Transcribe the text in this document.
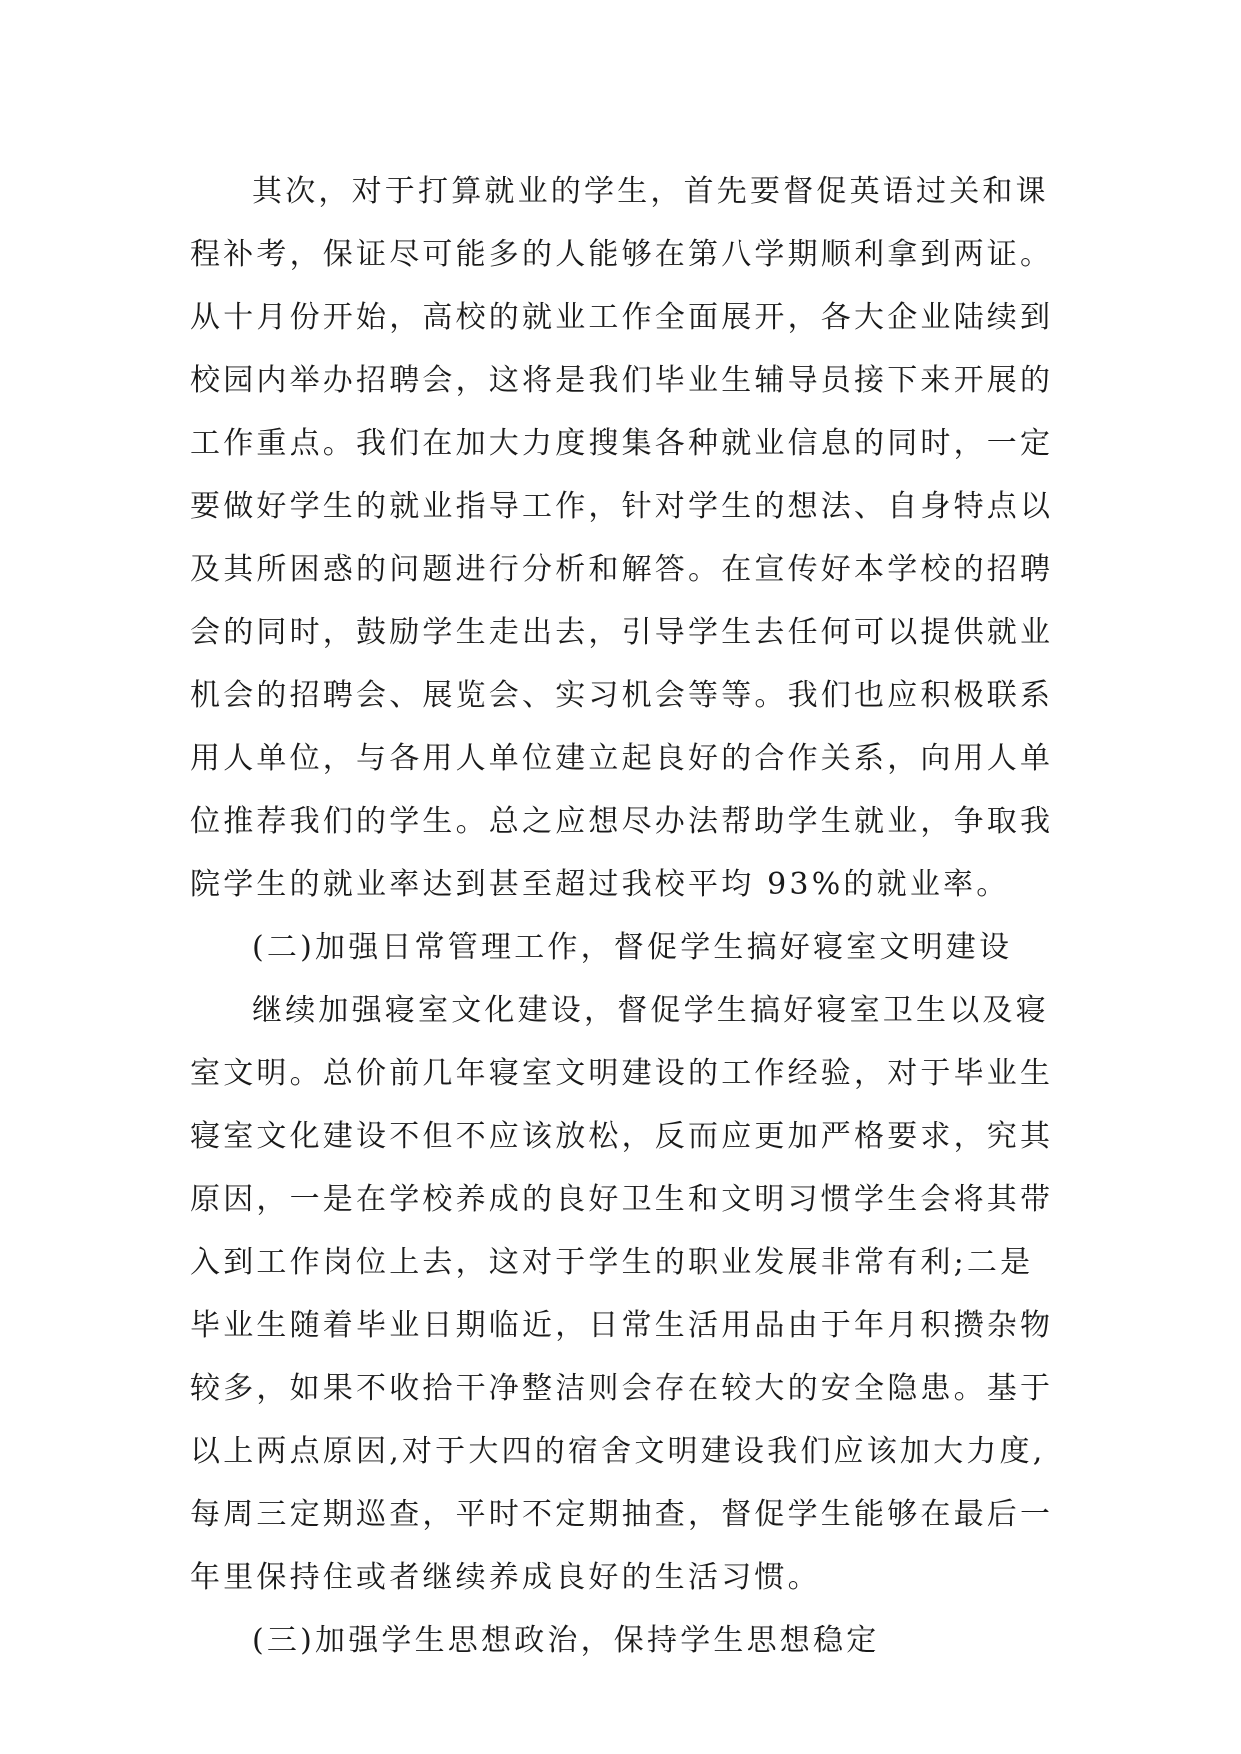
其次，对于打算就业的学生，首先要督促英语过关和课
程补考，保证尽可能多的人能够在第八学期顺利拿到两证。
从十月份开始，高校的就业工作全面展开，各大企业陆续到
校园内举办招聘会，这将是我们毕业生辅导员接下来开展的
工作重点。我们在加大力度搜集各种就业信息的同时，一定
要做好学生的就业指导工作，针对学生的想法、自身特点以
及其所困惑的问题进行分析和解答。在宣传好本学校的招聘
会的同时，鼓励学生走出去，引导学生去任何可以提供就业
机会的招聘会、展览会、实习机会等等。我们也应积极联系
用人单位，与各用人单位建立起良好的合作关系，向用人单
位推荐我们的学生。总之应想尽办法帮助学生就业，争取我
院学生的就业率达到甚至超过我校平均 93%的就业率。
(二)加强日常管理工作，督促学生搞好寝室文明建设
继续加强寝室文化建设，督促学生搞好寝室卫生以及寝
室文明。总价前几年寝室文明建设的工作经验，对于毕业生
寝室文化建设不但不应该放松，反而应更加严格要求，究其
原因，一是在学校养成的良好卫生和文明习惯学生会将其带
入到工作岗位上去，这对于学生的职业发展非常有利;二是
毕业生随着毕业日期临近，日常生活用品由于年月积攒杂物
较多，如果不收拾干净整洁则会存在较大的安全隐患。基于
以上两点原因,对于大四的宿舍文明建设我们应该加大力度,
每周三定期巡查，平时不定期抽查，督促学生能够在最后一
年里保持住或者继续养成良好的生活习惯。
(三)加强学生思想政治，保持学生思想稳定
